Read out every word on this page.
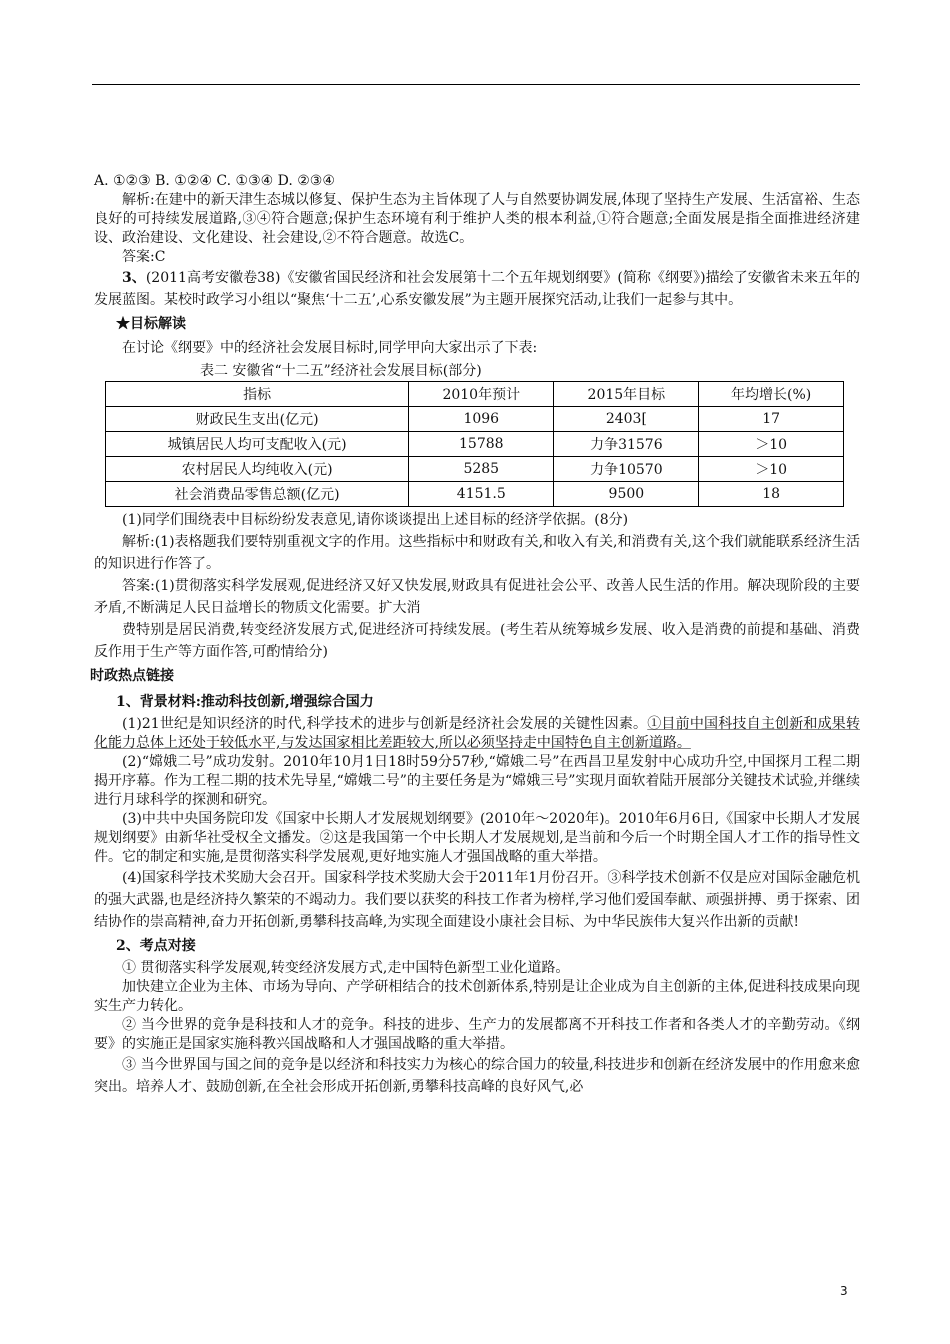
A. ①②③ B. ①②④ C. ①③④ D. ②③④

解析:在建中的新天津生态城以修复、保护生态为主旨体现了人与自然要协调发展,体现了坚持生产发展、生活富裕、生态良好的可持续发展道路,③④符合题意;保护生态环境有利于维护人类的根本利益,①符合题意;全面发展是指全面推进经济建设、政治建设、文化建设、社会建设,②不符合题意。故选C。

答案:C

3、(2011高考安徽卷38)《安徽省国民经济和社会发展第十二个五年规划纲要》(简称《纲要》)描绘了安徽省未来五年的发展蓝图。某校时政学习小组以“聚焦‘十二五’,心系安徽发展”为主题开展探究活动,让我们一起参与其中。

★目标解读

在讨论《纲要》中的经济社会发展目标时,同学甲向大家出示了下表:

表二 安徽省“十二五”经济社会发展目标(部分)

指标	2010年预计	2015年目标	年均增长(%)
财政民生支出(亿元)	1096	2403[	17
城镇居民人均可支配收入(元)	15788	力争31576	＞10
农村居民人均纯收入(元)	5285	力争10570	＞10
社会消费品零售总额(亿元)	4151.5	9500	18

(1)同学们围绕表中目标纷纷发表意见,请你谈谈提出上述目标的经济学依据。(8分)

解析:(1)表格题我们要特别重视文字的作用。这些指标中和财政有关,和收入有关,和消费有关,这个我们就能联系经济生活的知识进行作答了。

答案:(1)贯彻落实科学发展观,促进经济又好又快发展,财政具有促进社会公平、改善人民生活的作用。解决现阶段的主要矛盾,不断满足人民日益增长的物质文化需要。扩大消

费特别是居民消费,转变经济发展方式,促进经济可持续发展。(考生若从统筹城乡发展、收入是消费的前提和基础、消费反作用于生产等方面作答,可酌情给分)

时政热点链接

1、背景材料:推动科技创新,增强综合国力

(1)21世纪是知识经济的时代,科学技术的进步与创新是经济社会发展的关键性因素。①目前中国科技自主创新和成果转化能力总体上还处于较低水平,与发达国家相比差距较大,所以必须坚持走中国特色自主创新道路。

(2)“嫦娥二号”成功发射。2010年10月1日18时59分57秒,“嫦娥二号”在西昌卫星发射中心成功升空,中国探月工程二期揭开序幕。作为工程二期的技术先导星,“嫦娥二号”的主要任务是为“嫦娥三号”实现月面软着陆开展部分关键技术试验,并继续进行月球科学的探测和研究。

(3)中共中央国务院印发《国家中长期人才发展规划纲要》(2010年～2020年)。2010年6月6日,《国家中长期人才发展规划纲要》由新华社受权全文播发。②这是我国第一个中长期人才发展规划,是当前和今后一个时期全国人才工作的指导性文件。它的制定和实施,是贯彻落实科学发展观,更好地实施人才强国战略的重大举措。

(4)国家科学技术奖励大会召开。国家科学技术奖励大会于2011年1月份召开。③科学技术创新不仅是应对国际金融危机的强大武器,也是经济持久繁荣的不竭动力。我们要以获奖的科技工作者为榜样,学习他们爱国奉献、顽强拼搏、勇于探索、团结协作的崇高精神,奋力开拓创新,勇攀科技高峰,为实现全面建设小康社会目标、为中华民族伟大复兴作出新的贡献!

2、考点对接

① 贯彻落实科学发展观,转变经济发展方式,走中国特色新型工业化道路。

加快建立企业为主体、市场为导向、产学研相结合的技术创新体系,特别是让企业成为自主创新的主体,促进科技成果向现实生产力转化。

② 当今世界的竞争是科技和人才的竞争。科技的进步、生产力的发展都离不开科技工作者和各类人才的辛勤劳动。《纲要》的实施正是国家实施科教兴国战略和人才强国战略的重大举措。

③ 当今世界国与国之间的竞争是以经济和科技实力为核心的综合国力的较量,科技进步和创新在经济发展中的作用愈来愈突出。培养人才、鼓励创新,在全社会形成开拓创新,勇攀科技高峰的良好风气,必

3
